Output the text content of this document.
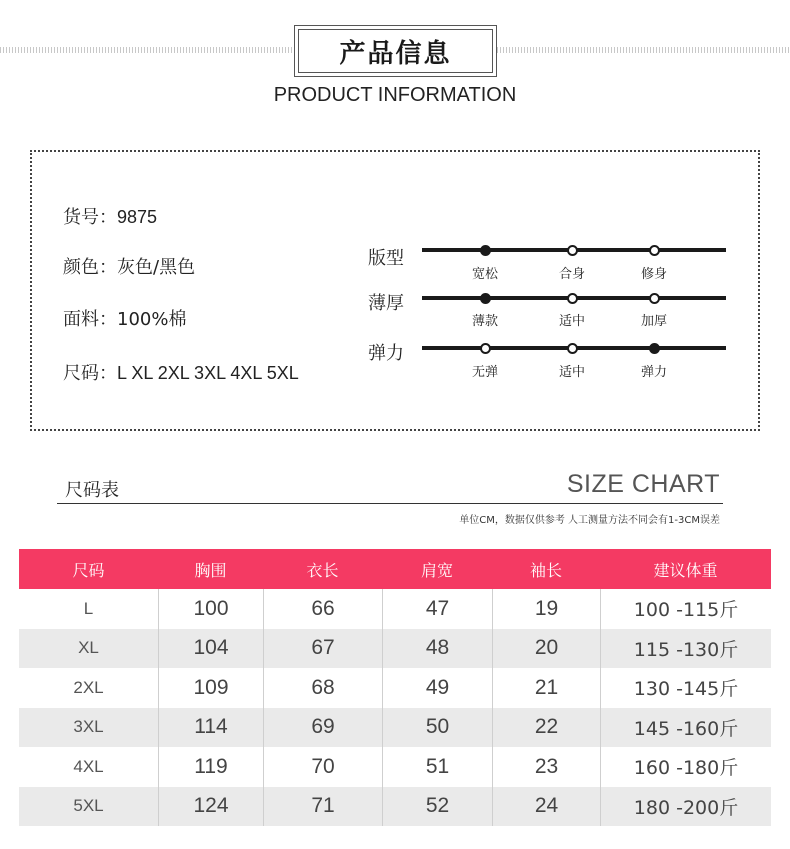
产品信息
PRODUCT INFORMATION
货号：9875
颜色：灰色/黑色
面料：100%棉
尺码：L XL 2XL 3XL 4XL 5XL
版型
宽松	合身	修身
薄厚
薄款	适中	加厚
弹力
无弹	适中	弹力
尺码表	SIZE CHART
单位CM，数据仅供参考 人工测量方法不同会有1-3CM误差
尺码	胸围	衣长	肩宽	袖长	建议体重
L	100	66	47	19	100 -115斤
XL	104	67	48	20	115 -130斤
2XL	109	68	49	21	130 -145斤
3XL	114	69	50	22	145 -160斤
4XL	119	70	51	23	160 -180斤
5XL	124	71	52	24	180 -200斤
